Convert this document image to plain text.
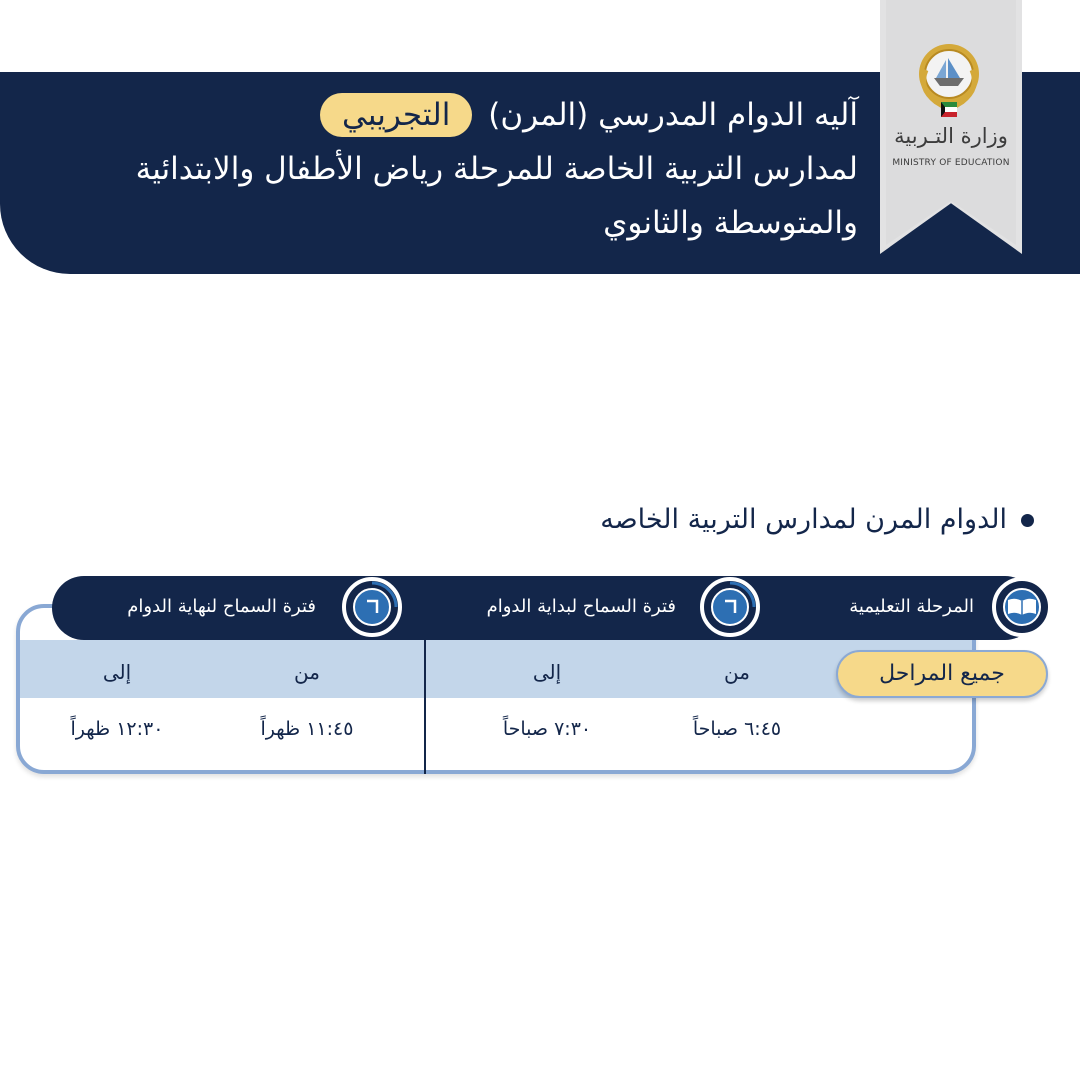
آليه الدوام المدرسي (المرن) التجريبي
لمدارس التربية الخاصة للمرحلة رياض الأطفال والابتدائية
والمتوسطة والثانوي
وزارة التـربية
MINISTRY OF EDUCATION
الدوام المرن لمدارس التربية الخاصه
المرحلة التعليمية
فترة السماح لبداية الدوام
فترة السماح لنهاية الدوام
جميع المراحل
من
إلى
من
إلى
٦:٤٥ صباحاً
٧:٣٠ صباحاً
١١:٤٥ ظهراً
١٢:٣٠ ظهراً
